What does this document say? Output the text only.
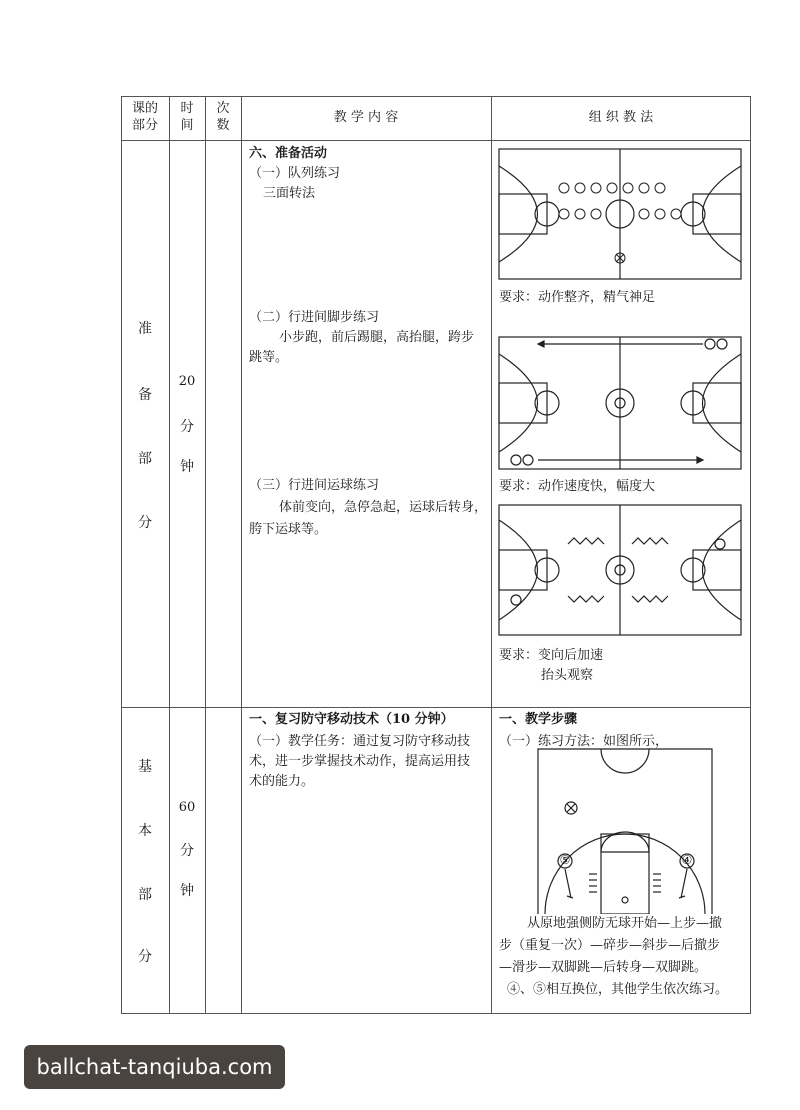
课的
部分
时
间
次
数
教 学 内 容	组 织 教 法
准
备
部
分
20
分
钟
六、准备活动
（一）队列练习
三面转法
（二）行进间脚步练习
小步跑，前后踢腿，高抬腿，跨步
跳等。
（三）行进间运球练习
体前变向，急停急起，运球后转身，
胯下运球等。
要求：动作整齐，精气神足
要求：动作速度快，幅度大
要求：变向后加速
抬头观察
基
本
部
分
60
分
钟
一、复习防守移动技术（10 分钟）
（一）教学任务：通过复习防守移动技
术，进一步掌握技术动作，提高运用技
术的能力。
一、教学步骤
（一）练习方法：如图所示，
从原地强侧防无球开始—上步—撤
步（重复一次）—碎步—斜步—后撤步
—滑步—双脚跳—后转身—双脚跳。
④、⑤相互换位，其他学生依次练习。
⑤	④
ballchat-tanqiuba.com
